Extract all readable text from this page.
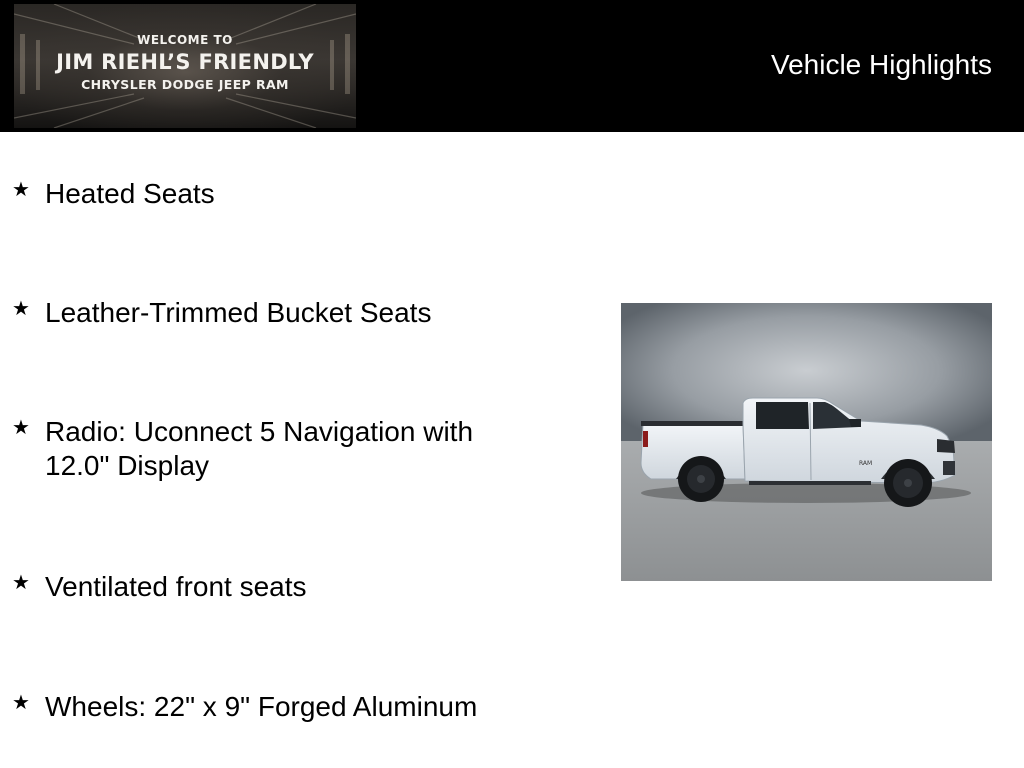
WELCOME TO
JIM RIEHL’S FRIENDLY
CHRYSLER DODGE JEEP RAM
Vehicle Highlights
★ Heated Seats
★ Leather-Trimmed Bucket Seats
★ Radio: Uconnect 5 Navigation with 12.0" Display
★ Ventilated front seats
★ Wheels: 22" x 9" Forged Aluminum
RAM
